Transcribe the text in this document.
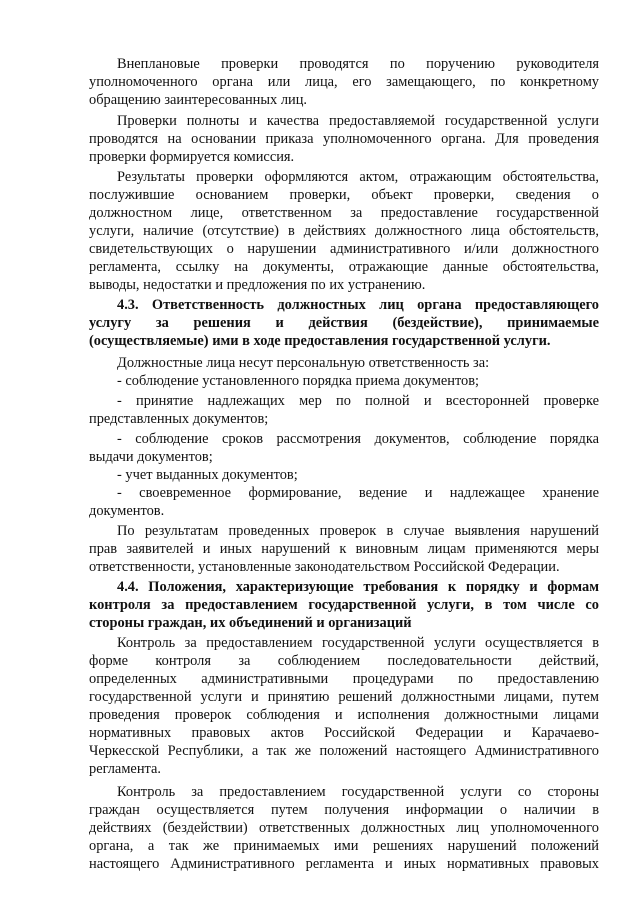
Внеплановые проверки проводятся по поручению руководителя
уполномоченного органа или лица, его замещающего, по конкретному
обращению заинтересованных лиц.
Проверки полноты и качества предоставляемой государственной услуги
проводятся на основании приказа уполномоченного органа. Для проведения
проверки формируется комиссия.
Результаты проверки оформляются актом, отражающим обстоятельства,
послужившие основанием проверки, объект проверки, сведения о
должностном лице, ответственном за предоставление государственной
услуги, наличие (отсутствие) в действиях должностного лица обстоятельств,
свидетельствующих о нарушении административного и/или должностного
регламента, ссылку на документы, отражающие данные обстоятельства,
выводы, недостатки и предложения по их устранению.
4.3. Ответственность должностных лиц органа предоставляющего
услугу за решения и действия (бездействие), принимаемые
(осуществляемые) ими в ходе предоставления государственной услуги.
Должностные лица несут персональную ответственность за:
- соблюдение установленного порядка приема документов;
- принятие надлежащих мер по полной и всесторонней проверке
представленных документов;
- соблюдение сроков рассмотрения документов, соблюдение порядка
выдачи документов;
- учет выданных документов;
- своевременное формирование, ведение и надлежащее хранение
документов.
По результатам проведенных проверок в случае выявления нарушений
прав заявителей и иных нарушений к виновным лицам применяются меры
ответственности, установленные законодательством Российской Федерации.
4.4. Положения, характеризующие требования к порядку и формам
контроля за предоставлением государственной услуги, в том числе со
стороны граждан, их объединений и организаций
Контроль за предоставлением государственной услуги осуществляется в
форме контроля за соблюдением последовательности действий,
определенных административными процедурами по предоставлению
государственной услуги и принятию решений должностными лицами, путем
проведения проверок соблюдения и исполнения должностными лицами
нормативных правовых актов Российской Федерации и Карачаево-
Черкесской Республики, а так же положений настоящего Административного
регламента.
Контроль за предоставлением государственной услуги со стороны
граждан осуществляется путем получения информации о наличии в
действиях (бездействии) ответственных должностных лиц уполномоченного
органа, а так же принимаемых ими решениях нарушений положений
настоящего Административного регламента и иных нормативных правовых
